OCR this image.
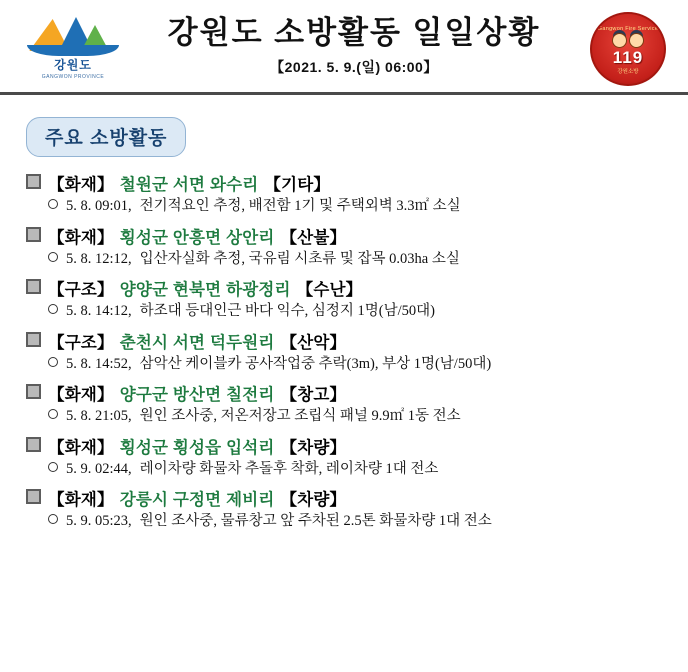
강원도
GANGWON PROVINCE
강원도 소방활동 일일상황
【2021. 5. 9.(일) 06:00】
Gangwon Fire Service
119
강원소방
주요 소방활동
【화재】 철원군 서면 와수리 【기타】
5. 8. 09:01, 전기적요인 추정, 배전함 1기 및 주택외벽 3.3㎡ 소실
【화재】 횡성군 안흥면 상안리 【산불】
5. 8. 12:12, 입산자실화 추정, 국유림 시초류 및 잡목 0.03ha 소실
【구조】 양양군 현북면 하광정리 【수난】
5. 8. 14:12, 하조대 등대인근 바다 익수, 심정지 1명(남/50대)
【구조】 춘천시 서면 덕두원리 【산악】
5. 8. 14:52, 삼악산 케이블카 공사작업중 추락(3m), 부상 1명(남/50대)
【화재】 양구군 방산면 칠전리 【창고】
5. 8. 21:05, 원인 조사중, 저온저장고 조립식 패널 9.9㎡ 1동 전소
【화재】 횡성군 횡성읍 입석리 【차량】
5. 9. 02:44, 레이차량 화물차 추돌후 착화, 레이차량 1대 전소
【화재】 강릉시 구정면 제비리 【차량】
5. 9. 05:23, 원인 조사중, 물류창고 앞 주차된 2.5톤 화물차량 1대 전소
